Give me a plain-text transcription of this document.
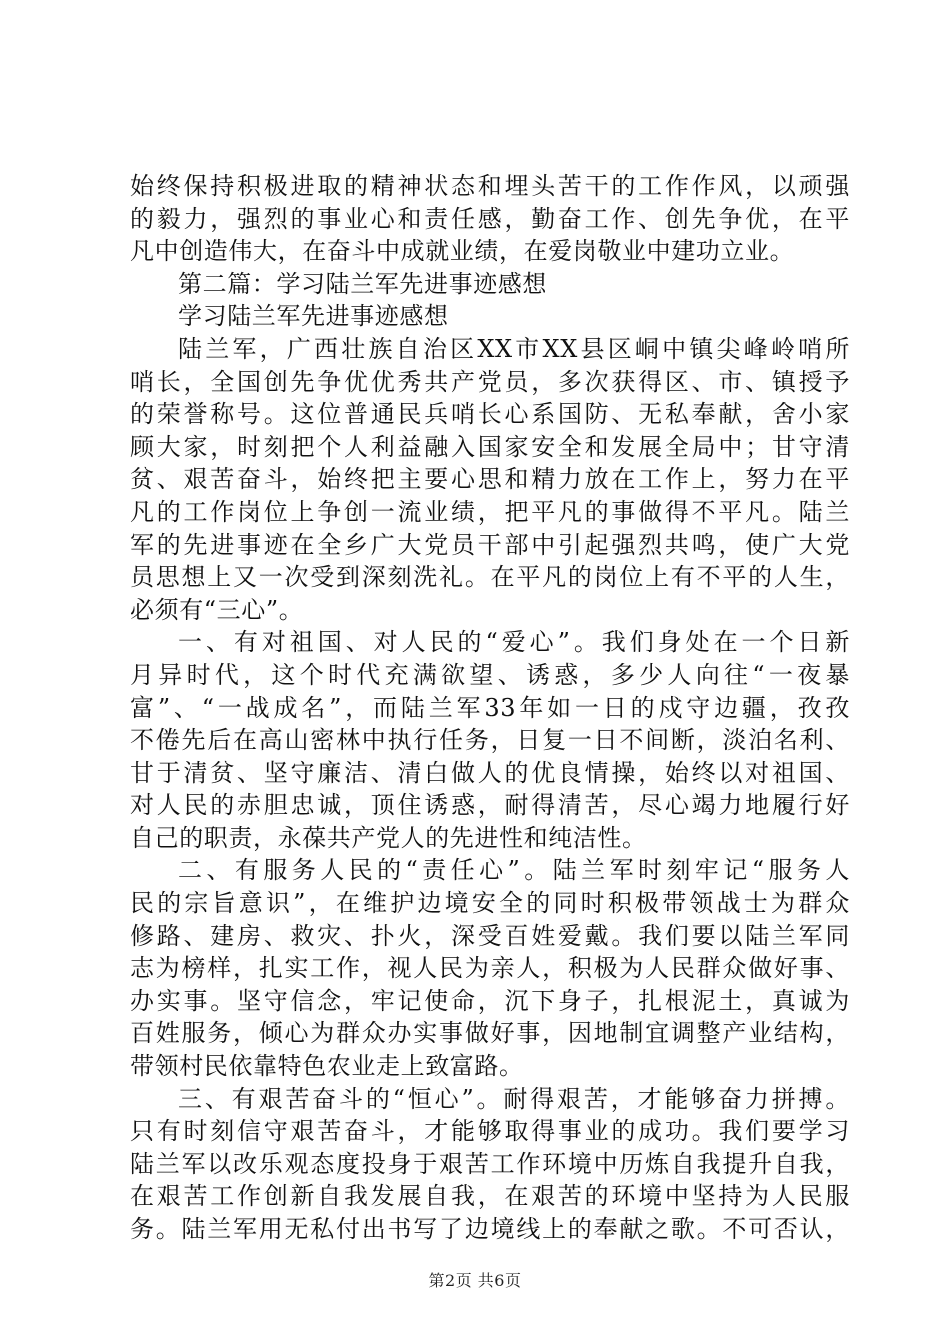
始终保持积极进取的精神状态和埋头苦干的工作作风，以顽强
的毅力，强烈的事业心和责任感，勤奋工作、创先争优，在平
凡中创造伟大，在奋斗中成就业绩，在爱岗敬业中建功立业。
第二篇：学习陆兰军先进事迹感想
学习陆兰军先进事迹感想
陆兰军，广西壮族自治区XX市XX县区峒中镇尖峰岭哨所
哨长，全国创先争优优秀共产党员，多次获得区、市、镇授予
的荣誉称号。这位普通民兵哨长心系国防、无私奉献，舍小家
顾大家，时刻把个人利益融入国家安全和发展全局中；甘守清
贫、艰苦奋斗，始终把主要心思和精力放在工作上，努力在平
凡的工作岗位上争创一流业绩，把平凡的事做得不平凡。陆兰
军的先进事迹在全乡广大党员干部中引起强烈共鸣，使广大党
员思想上又一次受到深刻洗礼。在平凡的岗位上有不平的人生，
必须有“三心”。
一、有对祖国、对人民的“爱心”。我们身处在一个日新
月异时代，这个时代充满欲望、诱惑，多少人向往“一夜暴
富”、“一战成名”，而陆兰军33年如一日的戍守边疆，孜孜
不倦先后在高山密林中执行任务，日复一日不间断，淡泊名利、
甘于清贫、坚守廉洁、清白做人的优良情操，始终以对祖国、
对人民的赤胆忠诚，顶住诱惑，耐得清苦，尽心竭力地履行好
自己的职责，永葆共产党人的先进性和纯洁性。
二、有服务人民的“责任心”。陆兰军时刻牢记“服务人
民的宗旨意识”，在维护边境安全的同时积极带领战士为群众
修路、建房、救灾、扑火，深受百姓爱戴。我们要以陆兰军同
志为榜样，扎实工作，视人民为亲人，积极为人民群众做好事、
办实事。坚守信念，牢记使命，沉下身子，扎根泥土，真诚为
百姓服务，倾心为群众办实事做好事，因地制宜调整产业结构，
带领村民依靠特色农业走上致富路。
三、有艰苦奋斗的“恒心”。耐得艰苦，才能够奋力拼搏。
只有时刻信守艰苦奋斗，才能够取得事业的成功。我们要学习
陆兰军以改乐观态度投身于艰苦工作环境中历炼自我提升自我，
在艰苦工作创新自我发展自我，在艰苦的环境中坚持为人民服
务。陆兰军用无私付出书写了边境线上的奉献之歌。不可否认，
第2页 共6页
